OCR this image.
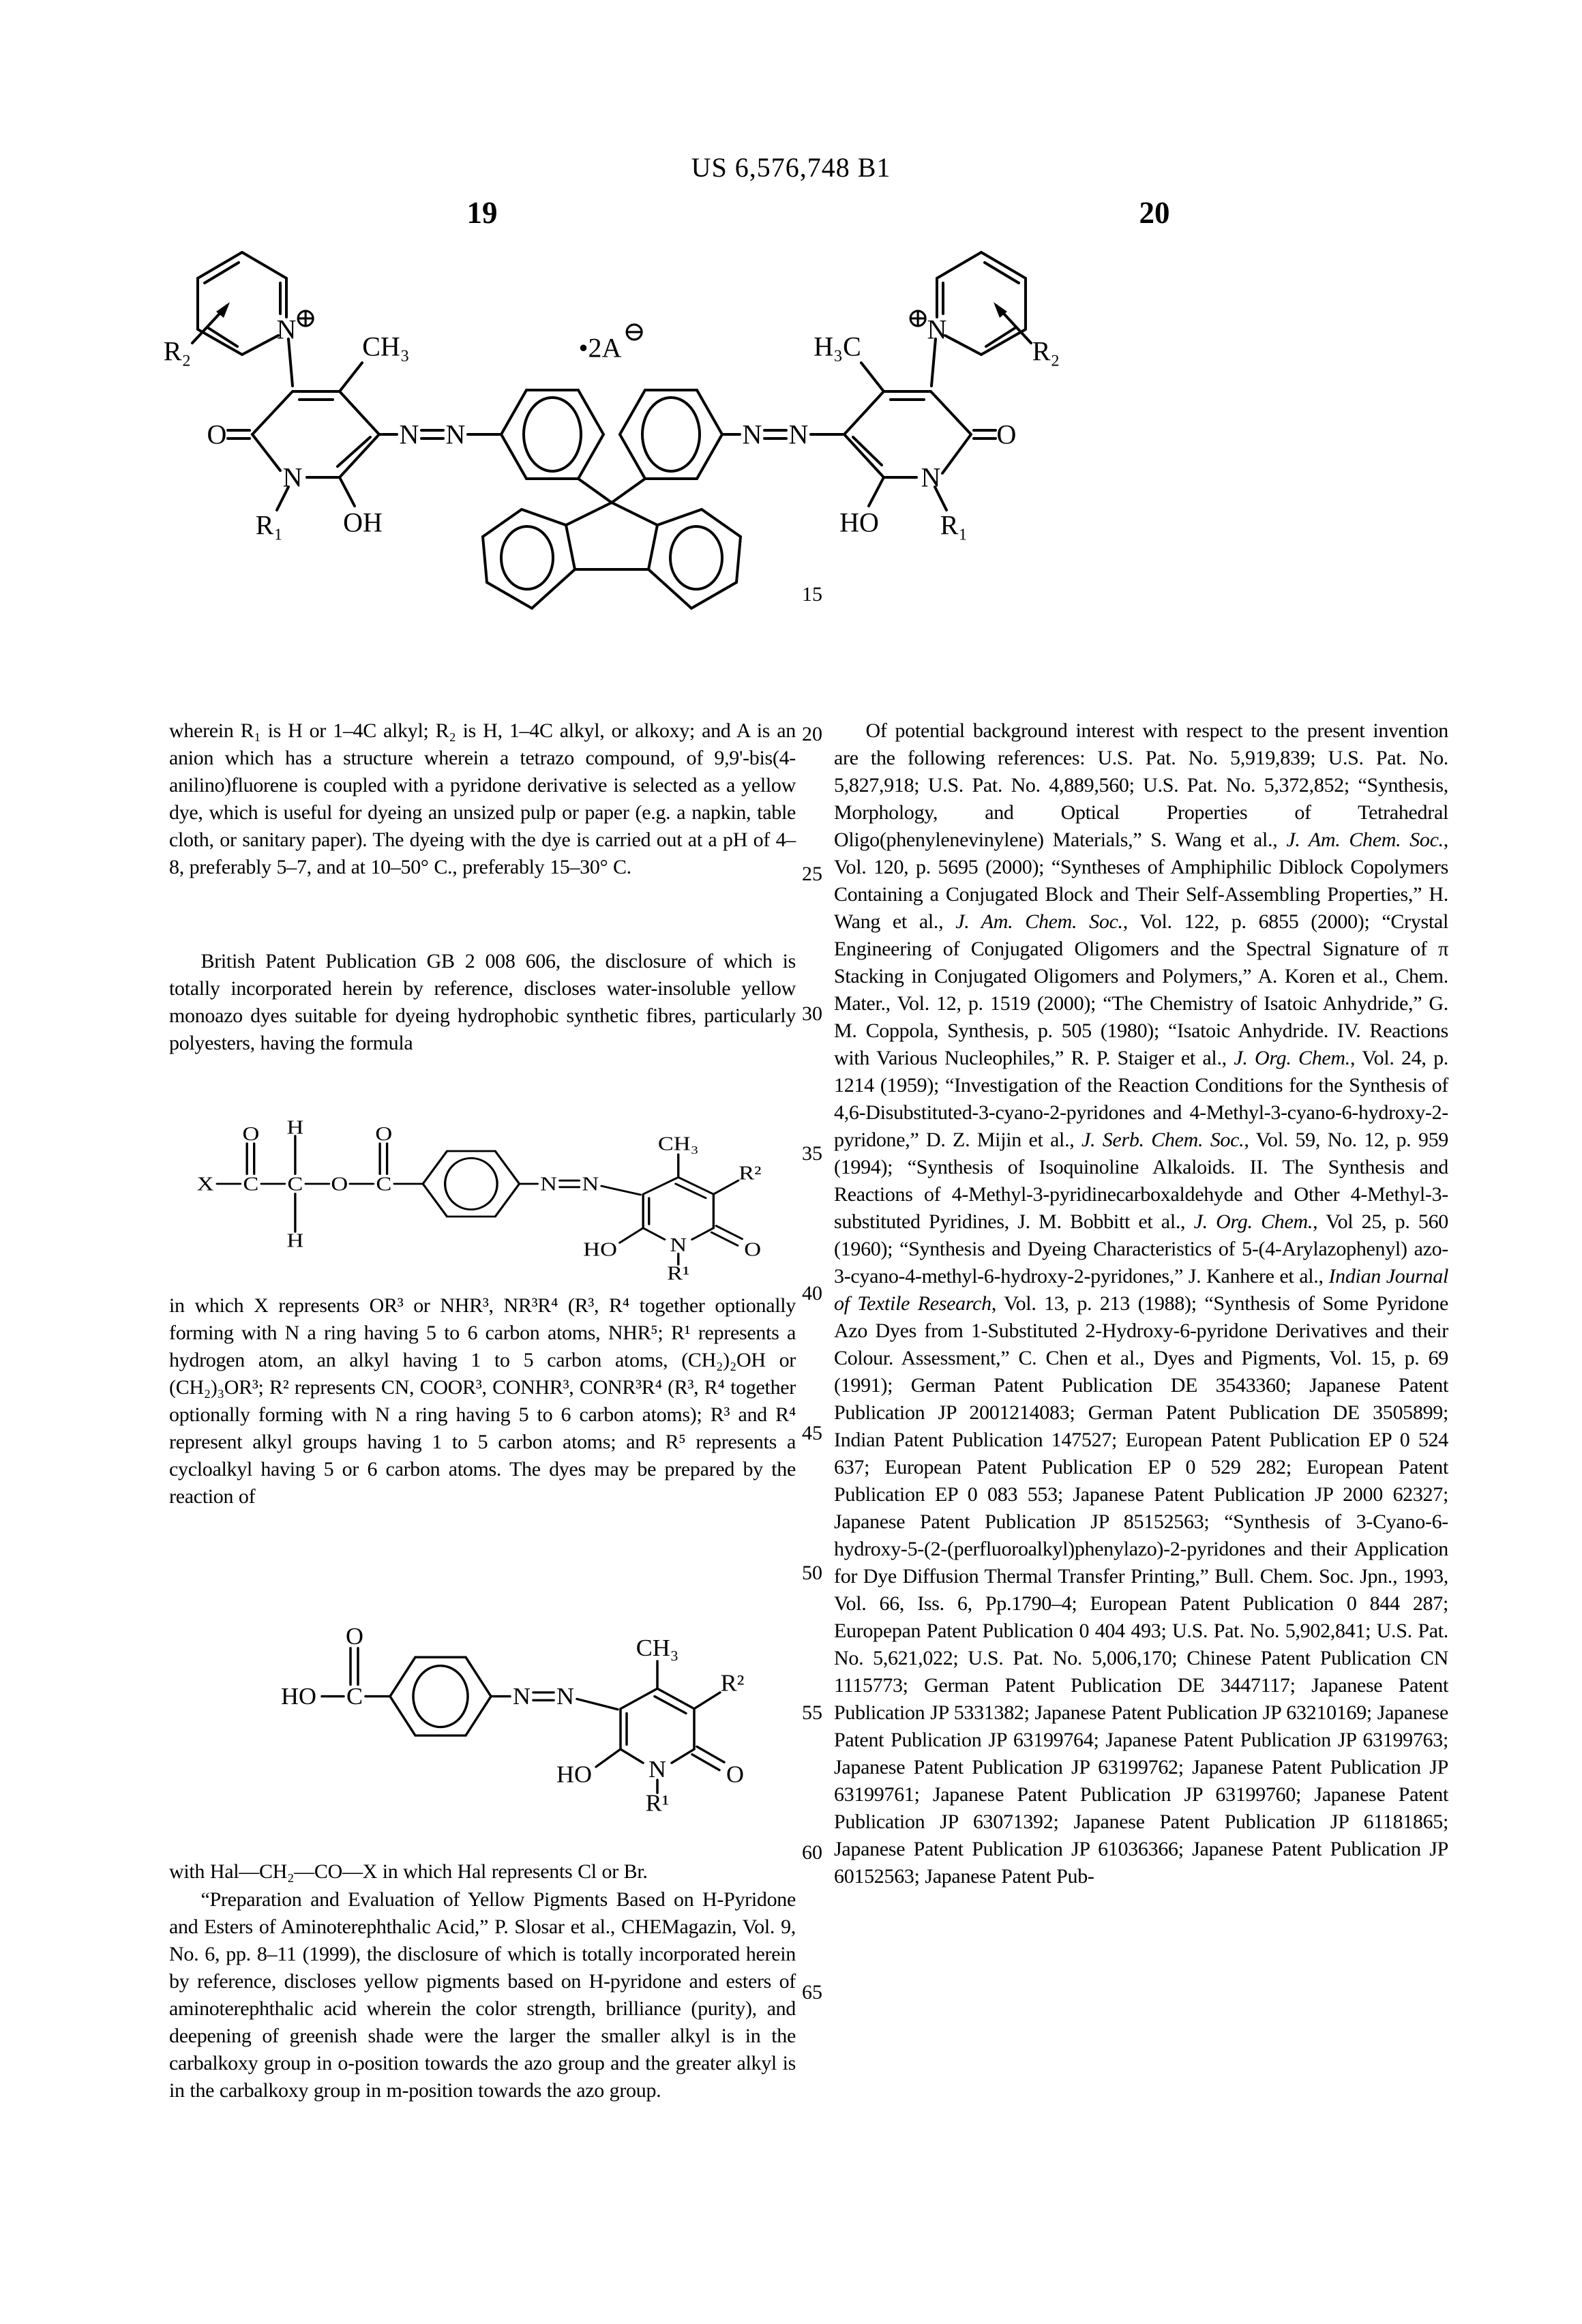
US 6,576,748 B1
19	20
15
20
25
30
35
40
45
50
55
60
65
•2A
⊖
N
⊕
R₂
O
CH₃
N
R₁ OH
N N	N N	O
H₃C
N
R₁
HO
N
⊕
R₂

wherein R₁ is H or 1–4C alkyl; R₂ is H, 1–4C alkyl, or alkoxy; and A is an anion which has a structure wherein a tetrazo compound, of 9,9'-bis(4-anilino)fluorene is coupled with a pyridone derivative is selected as a yellow dye, which is useful for dyeing an unsized pulp or paper (e.g. a napkin, table cloth, or sanitary paper). The dyeing with the dye is carried out at a pH of 4–8, preferably 5–7, and at 10–50° C., preferably 15–30° C.

British Patent Publication GB 2 008 606, the disclosure of which is totally incorporated herein by reference, discloses water-insoluble yellow monoazo dyes suitable for dyeing hydrophobic synthetic fibres, particularly polyesters, having the formula

X C
O
C
H
H
O C
O
N N
CH₃
R²
O
N
R¹
HO

in which X represents OR³ or NHR³, NR³R⁴ (R³, R⁴ together optionally forming with N a ring having 5 to 6 carbon atoms, NHR⁵; R¹ represents a hydrogen atom, an alkyl having 1 to 5 carbon atoms, (CH₂)₂OH or (CH₂)₃OR³; R² represents CN, COOR³, CONHR³, CONR³R⁴ (R³, R⁴ together optionally forming with N a ring having 5 to 6 carbon atoms); R³ and R⁴ represent alkyl groups having 1 to 5 carbon atoms; and R⁵ represents a cycloalkyl having 5 or 6 carbon atoms. The dyes may be prepared by the reaction of

HO C
O
N N
CH₃
R²
O
N
R¹
HO

with Hal—CH₂—CO—X in which Hal represents Cl or Br.

“Preparation and Evaluation of Yellow Pigments Based on H-Pyridone and Esters of Aminoterephthalic Acid,” P. Slosar et al., CHEMagazin, Vol. 9, No. 6, pp. 8–11 (1999), the disclosure of which is totally incorporated herein by reference, discloses yellow pigments based on H-pyridone and esters of aminoterephthalic acid wherein the color strength, brilliance (purity), and deepening of greenish shade were the larger the smaller alkyl is in the carbalkoxy group in o-position towards the azo group and the greater alkyl is in the carbalkoxy group in m-position towards the azo group.

Of potential background interest with respect to the present invention are the following references: U.S. Pat. No. 5,919,839; U.S. Pat. No. 5,827,918; U.S. Pat. No. 4,889,560; U.S. Pat. No. 5,372,852; “Synthesis, Morphology, and Optical Properties of Tetrahedral Oligo(phenylenevinylene) Materials,” S. Wang et al., J. Am. Chem. Soc., Vol. 120, p. 5695 (2000); “Syntheses of Amphiphilic Diblock Copolymers Containing a Conjugated Block and Their Self-Assembling Properties,” H. Wang et al., J. Am. Chem. Soc., Vol. 122, p. 6855 (2000); “Crystal Engineering of Conjugated Oligomers and the Spectral Signature of π Stacking in Conjugated Oligomers and Polymers,” A. Koren et al., Chem. Mater., Vol. 12, p. 1519 (2000); “The Chemistry of Isatoic Anhydride,” G. M. Coppola, Synthesis, p. 505 (1980); “Isatoic Anhydride. IV. Reactions with Various Nucleophiles,” R. P. Staiger et al., J. Org. Chem., Vol. 24, p. 1214 (1959); “Investigation of the Reaction Conditions for the Synthesis of 4,6-Disubstituted-3-cyano-2-pyridones and 4-Methyl-3-cyano-6-hydroxy-2-pyridone,” D. Z. Mijin et al., J. Serb. Chem. Soc., Vol. 59, No. 12, p. 959 (1994); “Synthesis of Isoquinoline Alkaloids. II. The Synthesis and Reactions of 4-Methyl-3-pyridinecarboxaldehyde and Other 4-Methyl-3-substituted Pyridines, J. M. Bobbitt et al., J. Org. Chem., Vol 25, p. 560 (1960); “Synthesis and Dyeing Characteristics of 5-(4-Arylazophenyl) azo-3-cyano-4-methyl-6-hydroxy-2-pyridones,” J. Kanhere et al., Indian Journal of Textile Research, Vol. 13, p. 213 (1988); “Synthesis of Some Pyridone Azo Dyes from 1-Substituted 2-Hydroxy-6-pyridone Derivatives and their Colour. Assessment,” C. Chen et al., Dyes and Pigments, Vol. 15, p. 69 (1991); German Patent Publication DE 3543360; Japanese Patent Publication JP 2001214083; German Patent Publication DE 3505899; Indian Patent Publication 147527; European Patent Publication EP 0 524 637; European Patent Publication EP 0 529 282; European Patent Publication EP 0 083 553; Japanese Patent Publication JP 2000 62327; Japanese Patent Publication JP 85152563; “Synthesis of 3-Cyano-6-hydroxy-5-(2-(perfluoroalkyl)phenylazo)-2-pyridones and their Application for Dye Diffusion Thermal Transfer Printing,” Bull. Chem. Soc. Jpn., 1993, Vol. 66, Iss. 6, Pp.1790–4; European Patent Publication 0 844 287; Europepan Patent Publication 0 404 493; U.S. Pat. No. 5,902,841; U.S. Pat. No. 5,621,022; U.S. Pat. No. 5,006,170; Chinese Patent Publication CN 1115773; German Patent Publication DE 3447117; Japanese Patent Publication JP 5331382; Japanese Patent Publication JP 63210169; Japanese Patent Publication JP 63199764; Japanese Patent Publication JP 63199763; Japanese Patent Publication JP 63199762; Japanese Patent Publication JP 63199761; Japanese Patent Publication JP 63199760; Japanese Patent Publication JP 63071392; Japanese Patent Publication JP 61181865; Japanese Patent Publication JP 61036366; Japanese Patent Publication JP 60152563; Japanese Patent Pub-
